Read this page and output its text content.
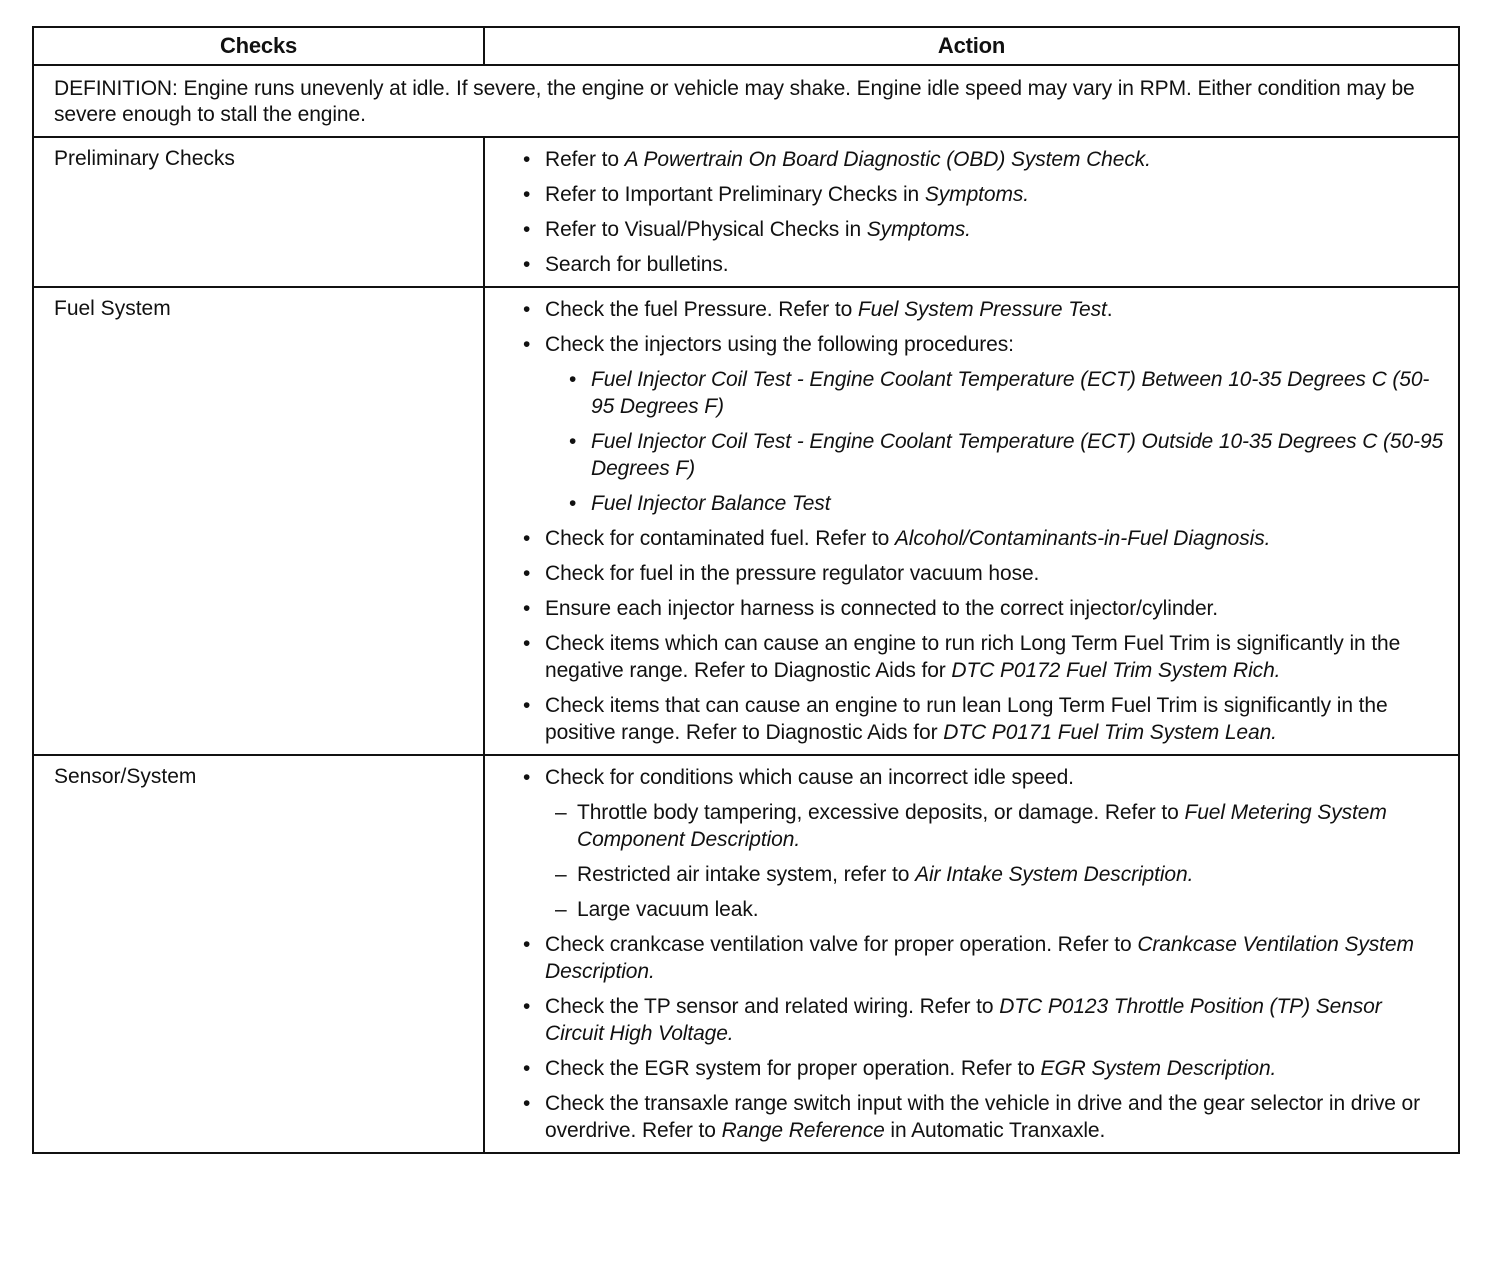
Checks	Action
DEFINITION: Engine runs unevenly at idle. If severe, the engine or vehicle may shake. Engine idle speed may vary in RPM. Either condition may be severe enough to stall the engine.	
Preliminary Checks	• Refer to A Powertrain On Board Diagnostic (OBD) System Check.
• Refer to Important Preliminary Checks in Symptoms.
• Refer to Visual/Physical Checks in Symptoms.
• Search for bulletins.

Fuel System	• Check the fuel Pressure. Refer to Fuel System Pressure Test.
• Check the injectors using the following procedures:
• Fuel Injector Coil Test - Engine Coolant Temperature (ECT) Between 10-35 Degrees C (50-95 Degrees F)
• Fuel Injector Coil Test - Engine Coolant Temperature (ECT) Outside 10-35 Degrees C (50-95 Degrees F)
• Fuel Injector Balance Test
• Check for contaminated fuel. Refer to Alcohol/Contaminants-in-Fuel Diagnosis.
• Check for fuel in the pressure regulator vacuum hose.
• Ensure each injector harness is connected to the correct injector/cylinder.
• Check items which can cause an engine to run rich Long Term Fuel Trim is significantly in the negative range. Refer to Diagnostic Aids for DTC P0172 Fuel Trim System Rich.
• Check items that can cause an engine to run lean Long Term Fuel Trim is significantly in the positive range. Refer to Diagnostic Aids for DTC P0171 Fuel Trim System Lean.

Sensor/System	• Check for conditions which cause an incorrect idle speed.
– Throttle body tampering, excessive deposits, or damage. Refer to Fuel Metering System Component Description.
– Restricted air intake system, refer to Air Intake System Description.
– Large vacuum leak.
• Check crankcase ventilation valve for proper operation. Refer to Crankcase Ventilation System Description.
• Check the TP sensor and related wiring. Refer to DTC P0123 Throttle Position (TP) Sensor Circuit High Voltage.
• Check the EGR system for proper operation. Refer to EGR System Description.
• Check the transaxle range switch input with the vehicle in drive and the gear selector in drive or overdrive. Refer to Range Reference in Automatic Tranxaxle.
